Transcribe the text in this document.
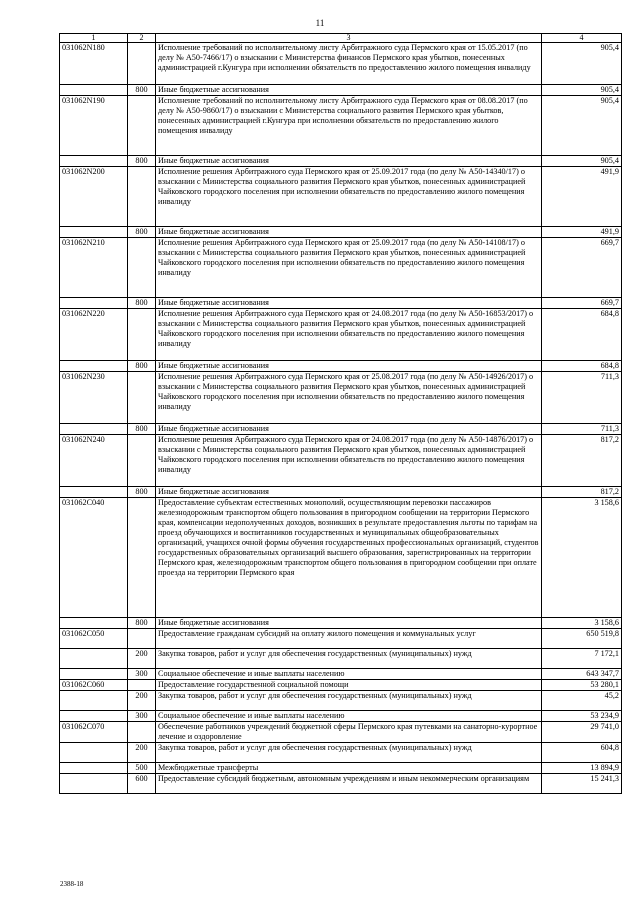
11
1	2	3	4
031062N180		Исполнение требований по исполнительному листу Арбитражного суда Пермского края от 15.05.2017 (по делу № А50-7466/17) о взыскании с Министерства финансов Пермского края убытков, понесенных администрацией г.Кунгура при исполнении обязательств по предоставлению жилого помещения инвалиду	905,4
	800	Иные бюджетные ассигнования	905,4
031062N190		Исполнение требований по исполнительному листу Арбитражного суда Пермского края от 08.08.2017 (по делу № А50-9860/17) о взыскании с Министерства социального развития Пермского края убытков, понесенных администрацией г.Кунгура при исполнении обязательств по предоставлению жилого помещения инвалиду	905,4
	800	Иные бюджетные ассигнования	905,4
031062N200		Исполнение решения Арбитражного суда Пермского края от 25.09.2017 года (по делу № А50-14340/17) о взыскании с Министерства социального развития Пермского края убытков, понесенных администрацией Чайковского городского поселения при исполнении обязательств по предоставлению жилого помещения инвалиду	491,9
	800	Иные бюджетные ассигнования	491,9
031062N210		Исполнение решения Арбитражного суда Пермского края от 25.09.2017 года (по делу № А50-14108/17) о взыскании с Министерства социального развития Пермского края убытков, понесенных администрацией Чайковского городского поселения при исполнении обязательств по предоставлению жилого помещения инвалиду	669,7
	800	Иные бюджетные ассигнования	669,7
031062N220		Исполнение решения Арбитражного суда Пермского края от 24.08.2017 года (по делу № А50-16853/2017) о взыскании с Министерства социального развития Пермского края убытков, понесенных администрацией Чайковского городского поселения при исполнении обязательств по предоставлению жилого помещения инвалиду	684,8
	800	Иные бюджетные ассигнования	684,8
031062N230		Исполнение решения Арбитражного суда Пермского края от 25.08.2017 года (по делу № А50-14926/2017) о взыскании с Министерства социального развития Пермского края убытков, понесенных администрацией Чайковского городского поселения при исполнении обязательств по предоставлению жилого помещения инвалиду	711,3
	800	Иные бюджетные ассигнования	711,3
031062N240		Исполнение решения Арбитражного суда Пермского края от 24.08.2017 года (по делу № А50-14876/2017) о взыскании с Министерства социального развития Пермского края убытков, понесенных администрацией Чайковского городского поселения при исполнении обязательств по предоставлению жилого помещения инвалиду	817,2
	800	Иные бюджетные ассигнования	817,2
031062C040		Предоставление субъектам естественных монополий, осуществляющим перевозки пассажиров железнодорожным транспортом общего пользования в пригородном сообщении на территории Пермского края, компенсации недополученных доходов, возникших в результате предоставления льготы по тарифам на проезд обучающихся и воспитанников государственных и муниципальных общеобразовательных организаций, учащихся очной формы обучения государственных профессиональных организаций, студентов государственных образовательных организаций высшего образования, зарегистрированных на территории Пермского края, железнодорожным транспортом общего пользования в пригородном сообщении при оплате проезда на территории Пермского края	3 158,6
	800	Иные бюджетные ассигнования	3 158,6
031062C050		Предоставление гражданам субсидий на оплату жилого помещения и коммунальных услуг	650 519,8
	200	Закупка товаров, работ и услуг для обеспечения государственных (муниципальных) нужд	7 172,1
	300	Социальное обеспечение и иные выплаты населению	643 347,7
031062C060		Предоставление государственной социальной помощи	53 280,1
	200	Закупка товаров, работ и услуг для обеспечения государственных (муниципальных) нужд	45,2
	300	Социальное обеспечение и иные выплаты населению	53 234,9
031062C070		Обеспечение работников учреждений бюджетной сферы Пермского края путевками на санаторно-курортное лечение и оздоровление	29 741,0
	200	Закупка товаров, работ и услуг для обеспечения государственных (муниципальных) нужд	604,8
	500	Межбюджетные трансферты	13 894,9
	600	Предоставление субсидий бюджетным, автономным учреждениям и иным некоммерческим организациям	15 241,3
2388-18
